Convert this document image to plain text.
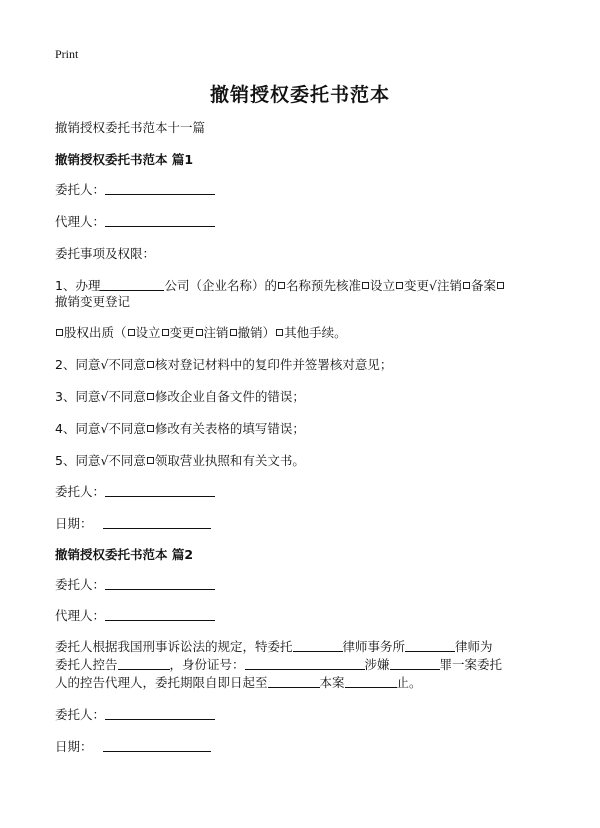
Print
撤销授权委托书范本
撤销授权委托书范本十一篇
撤销授权委托书范本 篇1
委托人：
代理人：
委托事项及权限：
1、办理	公司（企业名称）的 名称预先核准 设立 变更√注销 备案
撤销变更登记
股权出质（ 设立 变更 注销 撤销） 其他手续。
2、同意√不同意 核对登记材料中的复印件并签署核对意见；
3、同意√不同意 修改企业自备文件的错误；
4、同意√不同意 修改有关表格的填写错误；
5、同意√不同意 领取营业执照和有关文书。
委托人：
日期：
撤销授权委托书范本 篇2
委托人：
代理人：
委托人根据我国刑事诉讼法的规定，特委托	律师事务所	律师为
委托人控告	，身份证号：	涉嫌	罪一案委托
人的控告代理人，委托期限自即日起至	本案	止。
委托人：
日期：
